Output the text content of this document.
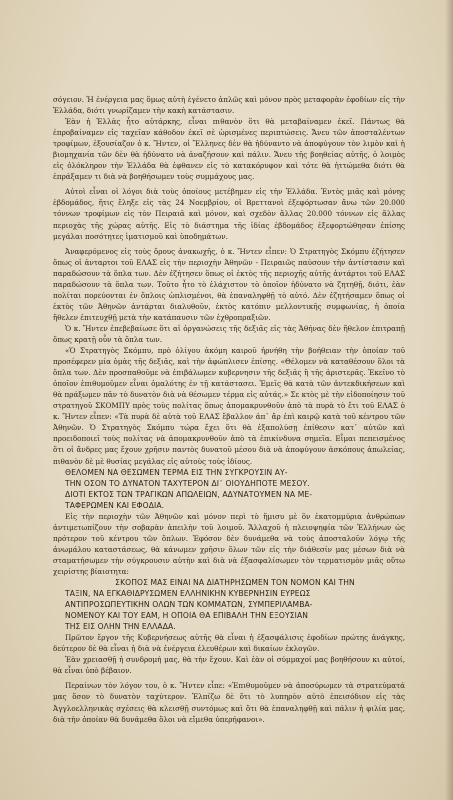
σόγειον. Ἡ ἐνέργεια μας ὅμως αὐτὴ ἐγένετο ἁπλῶς καὶ μόνον πρὸς μεταφορὰν ἐφοδίων εἰς τὴν Ἑλλάδα, διότι γνωρίζαμεν τὴν κακὴ κατάστασιν.

Ἐὰν ἡ Ἑλλὰς ἦτο αὐτάρκης, εἶναι πιθανὸν ὅτι θὰ μεταβαίναμεν ἐκεῖ. Πάντως θὰ ἐπροβαίναμεν εἰς ταχεῖαν κάθοδον ἐκεῖ σὲ ὡρισμένες περιπτώσεις. Ἄνευ τῶν ἀποσταλέντων τροφίμων, ἐξουσίαζον ὁ κ. Ἤντεν, οἱ Ἕλληνες δὲν θὰ ἠδύναντο νὰ ἀποφύγουν τὸν λιμὸν καὶ ἡ βιομηχανία τῶν δὲν θὰ ἠδύνατο νὰ ἀναζήσουν καὶ πάλιν. Ἄνευ τῆς βοηθείας αὐτῆς, ὁ λοιμὸς εἰς ὁλόκληρον τὴν Ἑλλάδα θὰ ἐφθανεν εἰς τὸ κατακόρυφον καὶ τότε θὰ ἡττώμεθα διότι θὰ ἐπράξαμεν τι διὰ νὰ βοηθήσωμεν τοὺς συμμάχους μας.

Αὐτοὶ εἶναι οἱ λόγοι διὰ τοὺς ὁποίους μετέβημεν εἰς τὴν Ἑλλάδα. Ἐντὸς μιᾶς καὶ μόνης ἑβδομάδος, ἥτις ἔληξε εἰς τὰς 24 Νοεμβρίου, οἱ Βρεττανοὶ ἐξεφόρτωσαν ἄνω τῶν 20.000 τόννων τροφίμων εἰς τὸν Πειραιᾶ καὶ μόνον, καὶ σχεδὸν ἄλλας 20.000 τόννων εἰς ἄλλας περιοχὰς τῆς χώρας αὐτῆς. Εἰς τὸ διάστημα τῆς ἰδίας ἑβδομάδος ἐξεφορτώθησαν ἐπίσης μεγάλαι ποσότητες ἱματισμοῦ καὶ ὑποδημάτων.

Ἀναφερόμενος εἰς τοὺς ὅρους ἀνακωχῆς, ὁ κ. Ἤντεν εἶπεν: Ὁ Στρατηγὸς Σκόμπυ ἐζήτησεν ὅπως οἱ ἀνταρτοι τοῦ ΕΛΑΣ εἰς τὴν περιοχὴν Ἀθηνῶν - Πειραιῶς παύσουν τὴν ἀντίστασιν καὶ παραδώσουν τὰ ὅπλα των. Δὲν ἐζήτησεν ὅπως οἱ ἐκτὸς τῆς περιοχῆς αὐτῆς ἀντάρτοι τοῦ ΕΛΑΣ παραδώσουν τὰ ὅπλα των. Τοῦτο ἦτο τὸ ἐλάχιστον τὸ ὁποῖον ἠδύνατο νὰ ζητηθῇ, διότι, ἐὰν πολίται πορεύονται ἐν ὅπλοις ὡπλισμένοι, θὰ ἐπαναληφθῇ τὸ αὐτό. Δὲν ἐζητήσαμεν ὅπως οἱ ἐκτὸς τῶν Ἀθηνῶν ἀντάρται διαλυθοῦν, ἐκτὸς κατόπιν μελλοντικῆς συμφωνίας, ἡ ὁποία ἤθελεν ἐπιτευχθῇ μετὰ τὴν κατάπαυσιν τῶν ἐχθροπραξιῶν.

Ὁ κ. Ἤντεν ἐπεβεβαίωσε ὅτι αἱ ὀργανώσεις τῆς δεξιᾶς εἰς τὰς Ἀθήνας δὲν ἤθελον ἐπιτραπῇ ὅπως κρατῇ οὖν τὰ ὅπλα των.

«Ὁ Στρατηγὸς Σκόμπυ, πρὸ ὀλίγου ἀκόμη καιροῦ ἠρνήθη τὴν βοήθειαν τὴν ὁποίαν τοῦ προσέφερεν μία ὁμὰς τῆς δεξιᾶς, καὶ τὴν ἀφώπλισεν ἐπίσης. «Θέλομεν νὰ καταθέσουν ὅλοι τὰ ὅπλα των. Δὲν προσπαθοῦμε νὰ ἐπιβάλωμεν κυβερνησιν τῆς δεξιᾶς ἢ τῆς ἀριστερᾶς. Ἐκεῖνο τὸ ὁποῖον ἐπιθυμοῦμεν εἶναι ὁμαλότης ἐν τῇ κατάστασει. Ἐμεῖς θὰ κατὰ τῶν ἀντεκδικήσεων καὶ θὰ πράξωμεν πᾶν τὸ δυνατὸν διὰ νὰ θέσωμεν τέρμα εἰς αὐτάς.» Σε κτὸς μὲ τὴν εἰδοποίησιν τοῦ στρατηγοῦ ΣΚΟΜΠΥ πρὸς τοὺς πολίτας ὅπως ἀπομακρυνθοῦν ἀπὸ τὰ πυρὰ τὸ ἔτι τοῦ ΕΛΑΣ ὁ κ. Ἤντεν εἶπεν: «Τὰ πυρὰ δὲ αὐτὰ τοῦ ΕΛΑΣ ἔβαλλον ἀπ᾽ ἄρ ἐπὶ καιρῷ κατὰ τοῦ κέντρου τῶν Ἀθηνῶν. Ὁ Στρατηγὸς Σκόμπυ τώρα ἔχει ὅτι θὰ ἐξαπολύσῃ ἐπίθεσιν κατ᾽ αὐτῶν καὶ προειδοποιεῖ τοὺς πολίτας νὰ ἀπομακρυνθοῦν ἀπὸ τὰ ἐπικίνδυνα σημεῖα. Εἶμαι πεπεισμένος ὅτι οἱ ἄνδρες μας ἔχουν χρῆσιν παντὸς δυνατοῦ μέσου διὰ νὰ ἀποφύγουν ἀσκόπους ἀπωλείας, πιθανὸν δὲ μὲ θυσίας μεγάλας εἰς αὐτοὺς τοὺς ἰδίους.

ΘΕΛΟΜΕΝ ΝΑ ΘΕΣΩΜΕΝ ΤΕΡΜΑ ΕΙΣ ΤΗΝ ΣΥΓΚΡΟΥΣΙΝ ΑΥ-

ΤΗΝ ΟΣΟΝ ΤΟ ΔΥΝΑΤΟΝ ΤΑΧΥΤΕΡΟΝ ΔΙ᾽ ΟΙΟΥΔΗΠΟΤΕ ΜΕΣΟΥ.

ΔΙΟΤΙ ΕΚΤΟΣ ΤΩΝ ΤΡΑΓΙΚΩΝ ΑΠΩΛΕΙΩΝ, ΑΔΥΝΑΤΟΥΜΕΝ ΝΑ ΜΕ-

ΤΑΦΕΡΩΜΕΝ ΚΑΙ ΕΦΟΔΙΑ.

Εἰς τὴν περιοχὴν τῶν Ἀθηνῶν καὶ μόνον περὶ τὸ ἥμισυ μὲ ὃν ἑκατομμύρια ἀνθρώπων ἀντιμετωπίζουν τὴν σοβαρὰν ἀπειλὴν τοῦ λοιμοῦ. Ἄλλαχοῦ ἡ πλειοψηφία τῶν Ἑλλήνων ὡς πρότερον τοῦ κέντρου τῶν ὅπλων. Ἐφόσον δὲν δυνάμεθα νὰ τοὺς ἀποσταλοῦν λόγῳ τῆς ἀνωμάλου καταστάσεως, θὰ κάνωμεν χρῆσιν ὅλων τῶν εἰς τὴν διάθεσίν μας μέσων διὰ νὰ σταματήσωμεν τὴν σύγκρουσιν αὐτὴν καὶ διὰ νὰ ἐξασφαλίσωμεν τὸν τερματισμὸν μιᾶς οὕτω χειρίστης βίαιοτητα:

ΣΚΟΠΟΣ ΜΑΣ ΕΙΝΑΙ ΝΑ ΔΙΑΤΗΡΗΣΩΜΕΝ ΤΟΝ ΝΟΜΟΝ ΚΑΙ ΤΗΝ

ΤΑΞΙΝ, ΝΑ ΕΓΚΑΘΙΔΡΥΣΩΜΕΝ ΕΛΛΗΝΙΚΗΝ ΚΥΒΕΡΝΗΣΙΝ ΕΥΡΕΩΣ

ΑΝΤΙΠΡΟΣΩΠΕΥΤΙΚΗΝ ΟΛΩΝ ΤΩΝ ΚΟΜΜΑΤΩΝ, ΣΥΜΠΕΡΙΛΑΜΒΑ-

ΝΟΜΕΝΟΥ ΚΑΙ ΤΟΥ ΕΑΜ, Η ΟΠΟΙΑ ΘΑ ΕΠΙΒΑΛΗ ΤΗΝ ΕΞΟΥΣΙΑΝ

ΤΗΣ ΕΙΣ ΟΛΗΝ ΤΗΝ ΕΛΛΑΔΑ.

Πρῶτον ἔργον τῆς Κυβερνήσεως αὐτῆς θὰ εἶναι ἡ ἐξασφάλισις ἐφοδίων πρώτης ἀνάγκης, δεύτερον δὲ θὰ εἶναι ἡ διὰ νὰ ἐνέργεια ἐλευθέρων καὶ δικαίων ἐκλογῶν.

Ἐὰν χρειασθῇ ἡ συνδρομή μας, θὰ τὴν ἔχουν. Καὶ ἐὰν οἱ σύμμαχοί μας βοηθήσουν κι αὐτοί, θὰ εἶναι ὑπὸ βέβαιον.

Περαίνων τὸν λόγον του, ὁ κ. Ἤντεν εἶπε: «Ἐπιθυμοῦμεν νὰ ἀποσύρωμεν τὰ στρατεύματά μας ὅσον τὸ δυνατὸν ταχύτερον. Ἐλπίζω δὲ ὅτι τὸ λυπηρὸν αὐτὸ ἐπεισόδιον εἰς τὰς Ἀγγλοελληνικὰς σχέσεις θὰ κλεισθῇ συντόμως καὶ ὅτι θὰ ἐπαναληφθῇ καὶ πάλιν ἡ φιλία μας, διὰ τὴν ὁποίαν θὰ δυνάμεθα ὅλοι νὰ εἴμεθα ὑπερήφανοι».
